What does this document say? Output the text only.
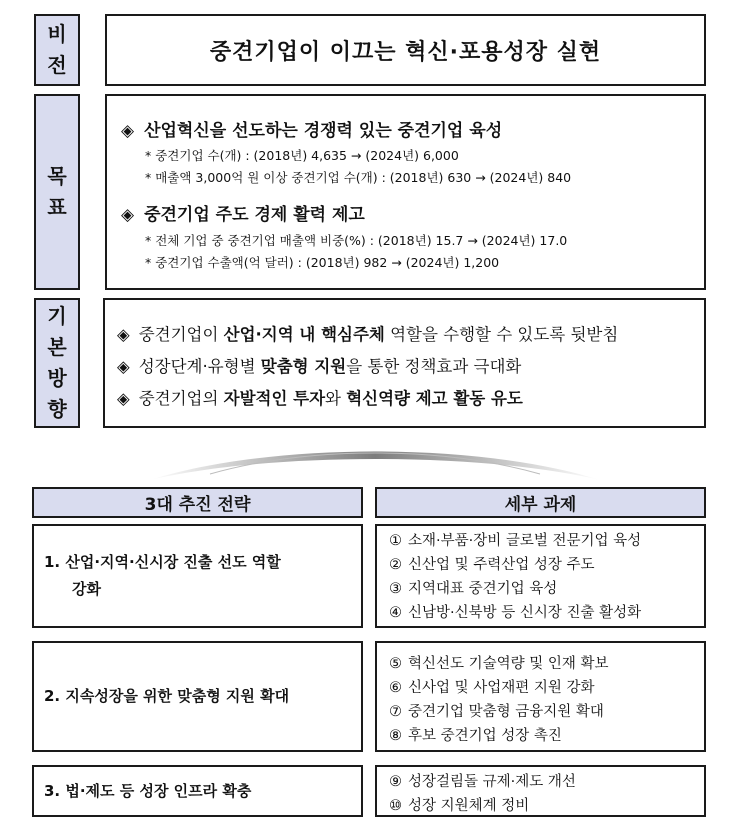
비
전
중견기업이 이끄는 혁신·포용성장 실현
목
표
◈ 산업혁신을 선도하는 경쟁력 있는 중견기업 육성
* 중견기업 수(개) : (2018년) 4,635 → (2024년) 6,000
* 매출액 3,000억 원 이상 중견기업 수(개) : (2018년) 630 → (2024년) 840
◈ 중견기업 주도 경제 활력 제고
* 전체 기업 중 중견기업 매출액 비중(%) : (2018년) 15.7 → (2024년) 17.0
* 중견기업 수출액(억 달러) : (2018년) 982 → (2024년) 1,200
기
본
방
향
◈ 중견기업이 산업·지역 내 핵심주체 역할을 수행할 수 있도록 뒷받침
◈ 성장단계·유형별 맞춤형 지원을 통한 정책효과 극대화
◈ 중견기업의 자발적인 투자와 혁신역량 제고 활동 유도
3대 추진 전략	세부 과제
1. 산업·지역·신시장 진출 선도 역할
강화
① 소재·부품·장비 글로벌 전문기업 육성
② 신산업 및 주력산업 성장 주도
③ 지역대표 중견기업 육성
④ 신남방·신북방 등 신시장 진출 활성화
2. 지속성장을 위한 맞춤형 지원 확대
⑤ 혁신선도 기술역량 및 인재 확보
⑥ 신사업 및 사업재편 지원 강화
⑦ 중견기업 맞춤형 금융지원 확대
⑧ 후보 중견기업 성장 촉진
3. 법·제도 등 성장 인프라 확충	⑨ 성장걸림돌 규제·제도 개선
⑩ 성장 지원체계 정비
